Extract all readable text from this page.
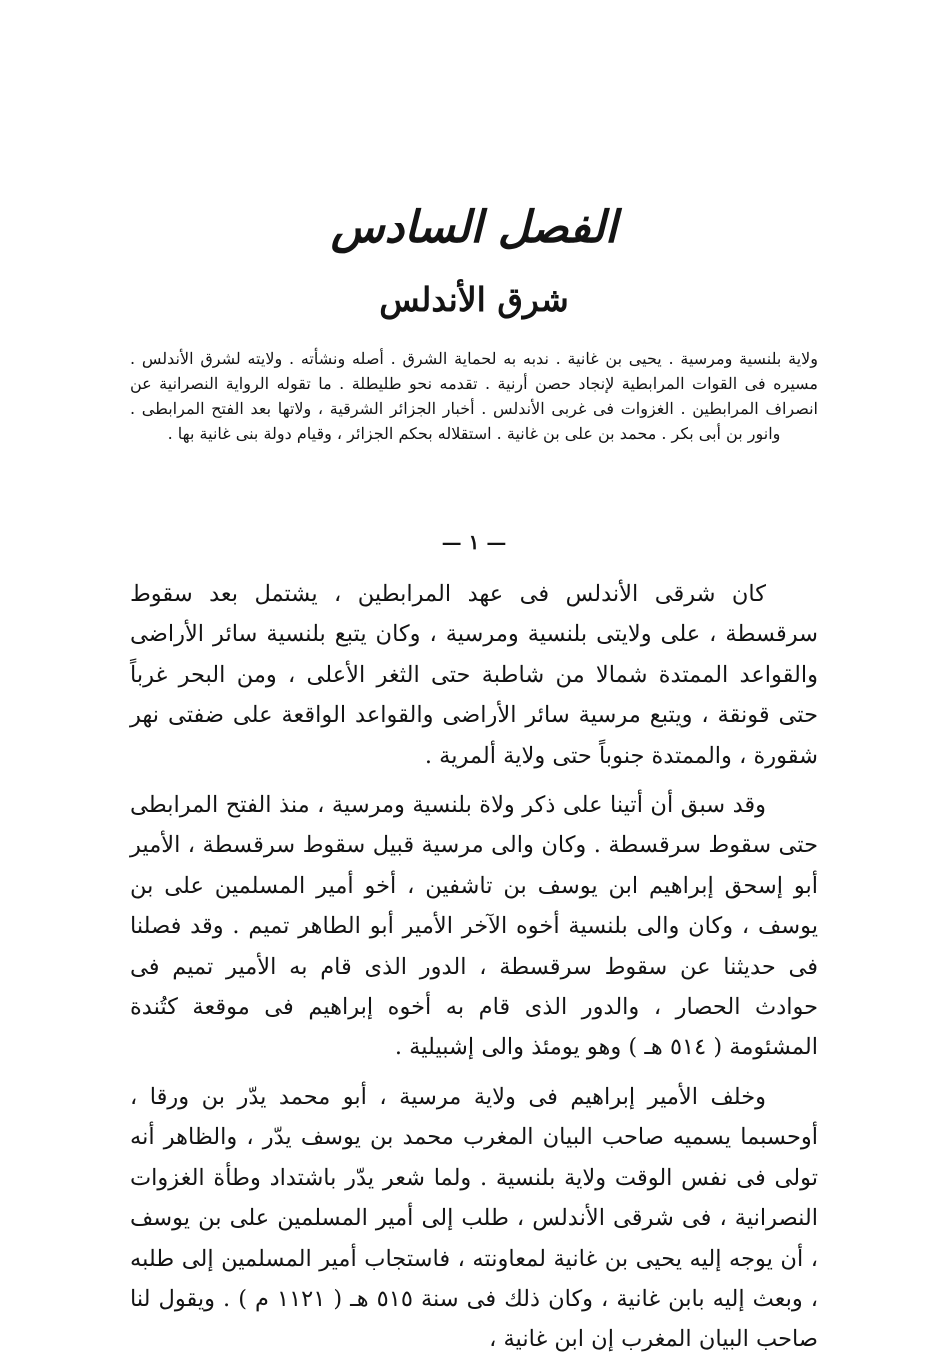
الفصل السادس
شرق الأندلس

ولاية بلنسية ومرسية . يحيى بن غانية . ندبه به لحماية الشرق . أصله ونشأته . ولايته لشرق الأندلس . مسيره فى القوات المرابطية لإنجاد حصن أرنية . تقدمه نحو طليطلة . ما تقوله الرواية النصرانية عن انصراف المرابطين . الغزوات فى غربى الأندلس . أخبار الجزائر الشرقية ، ولاتها بعد الفتح المرابطى . وانور بن أبى بكر . محمد بن على بن غانية . استقلاله بحكم الجزائر ، وقيام دولة بنى غانية بها .

— ١ —

كان شرقى الأندلس فى عهد المرابطين ، يشتمل بعد سقوط سرقسطة ، على ولايتى بلنسية ومرسية ، وكان يتبع بلنسية سائر الأراضى والقواعد الممتدة شمالا من شاطبة حتى الثغر الأعلى ، ومن البحر غرباً حتى قونقة ، ويتبع مرسية سائر الأراضى والقواعد الواقعة على ضفتى نهر شقورة ، والممتدة جنوباً حتى ولاية ألمرية .

وقد سبق أن أتينا على ذكر ولاة بلنسية ومرسية ، منذ الفتح المرابطى حتى سقوط سرقسطة . وكان والى مرسية قبيل سقوط سرقسطة ، الأمير أبو إسحق إبراهيم ابن يوسف بن تاشفين ، أخو أمير المسلمين على بن يوسف ، وكان والى بلنسية أخوه الآخر الأمير أبو الطاهر تميم . وقد فصلنا فى حديثنا عن سقوط سرقسطة ، الدور الذى قام به الأمير تميم فى حوادث الحصار ، والدور الذى قام به أخوه إبراهيم فى موقعة كتُندة المشئومة ( ٥١٤ هـ ) وهو يومئذ والى إشبيلية .

وخلف الأمير إبراهيم فى ولاية مرسية ، أبو محمد يدّر بن ورقا ، أوحسبما يسميه صاحب البيان المغرب محمد بن يوسف يدّر ، والظاهر أنه تولى فى نفس الوقت ولاية بلنسية . ولما شعر يدّر باشتداد وطأة الغزوات النصرانية ، فى شرقى الأندلس ، طلب إلى أمير المسلمين على بن يوسف ، أن يوجه إليه يحيى بن غانية لمعاونته ، فاستجاب أمير المسلمين إلى طلبه ، وبعث إليه بابن غانية ، وكان ذلك فى سنة ٥١٥ هـ ( ١١٢١ م ) . ويقول لنا صاحب البيان المغرب إن ابن غانية ،
